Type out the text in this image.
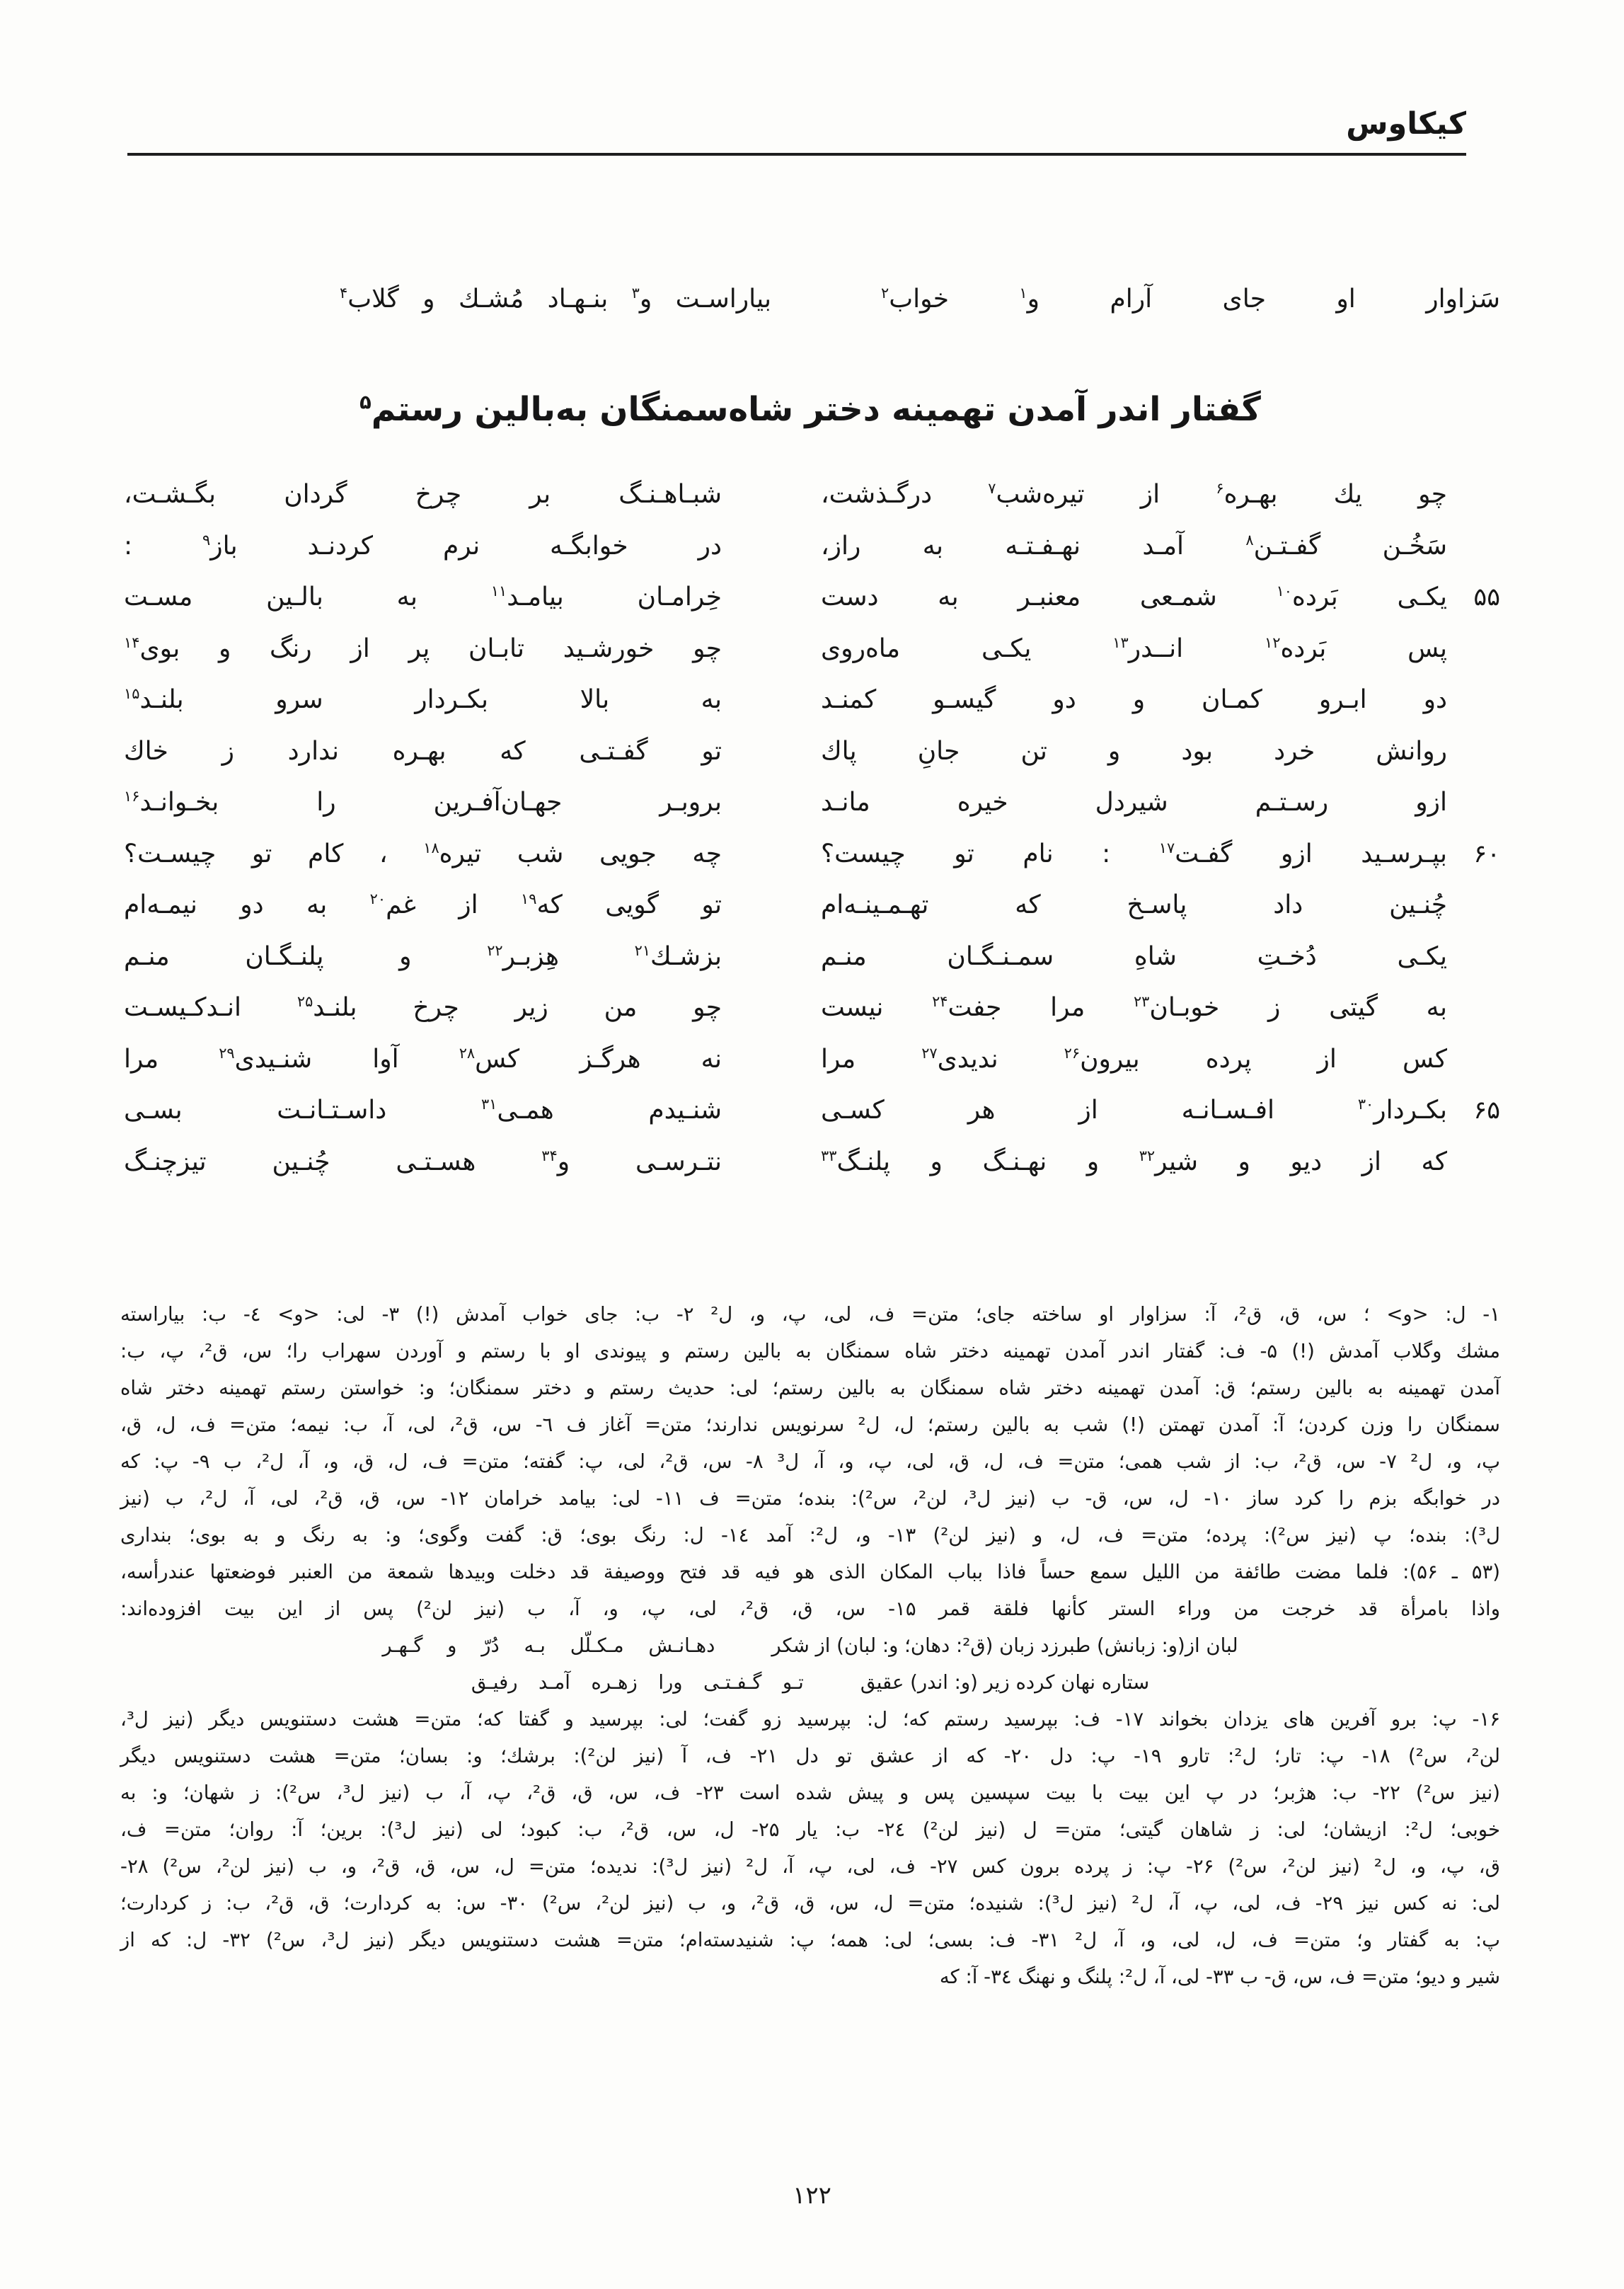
كیكاوس
سَزاوار او جای آرام و$^۱$ خواب$^۲$
بیاراسـت و$^۳$ بنـهـاد مُشـك و گلاب$^۴$
گفتار اندر آمدن تهمینه دختر شاه‌سمنگان به‌بالین رستم$^۵$
چو یك بهـره$^۶$ از تیره‌شب$^۷$ درگـذشت،
شبـاهـنـگ بر چرخ گردان بگـشـت،
سَخُـن گفـتـن$^۸$ آمـد نهـفـتـه به راز،
در خوابگـه نرم كردنـد باز$^۹$ :
۵۵
یكـی بَرده$^{۱۰}$ شمـعی معنبـر به دست
خِرامـان بیامـد$^{۱۱}$ به بالـین مسـت
پس بَرده$^{۱۲}$ انــدر$^{۱۳}$ یكـی ماه‌روی
چو خورشـید تابـان پر از رنگ و بوی$^{۱۴}$
دو ابـرو كمـان و دو گیسـو كمنـد
به بالا بكـردار سرو بلنـد$^{۱۵}$
روانش خرد بود و تن جانِ پاك
تو گفـتـی كه بهـره ندارد ز خاك
ازو رسـتـم شیردل خیره مانـد
بروبـر جهـان‌آفـرین را بخـوانـد$^{۱۶}$
۶۰
بپـرسـید ازو گفـت$^{۱۷}$ : نام تو چیست؟
چه جویی شب تیره$^{۱۸}$ ، كام تو چیسـت؟
چُنـین داد پاسـخ كه تهـمـینـه‌ام
تو گویی كه$^{۱۹}$ از غم$^{۲۰}$ به دو نیمـه‌ام
یكـی دُخـتِ شاهِ سمـنـگـان منـم
بزشـك$^{۲۱}$ هِزبـر$^{۲۲}$ و پلنـگـان منـم
به گیتی ز خوبـان$^{۲۳}$ مرا جفت$^{۲۴}$ نیست
چو من زیر چرخ بلنـد$^{۲۵}$ انـدكـیسـت
كس از پرده بیرون$^{۲۶}$ ندیدی$^{۲۷}$ مرا
نه هرگـز كس$^{۲۸}$ آوا شنـیدی$^{۲۹}$ مرا
۶۵
بكـردار$^{۳۰}$ افـسـانـه از هر كسـی
شنـیدم همـی$^{۳۱}$ داسـتـانـت بسـی
كه از دیو و شیر$^{۳۲}$ و نهـنـگ و پلنـگ$^{۳۳}$
نتـرسـی و$^{۳۴}$ هسـتـی چُنـین تیزچنـگ
۱- ل: <و> ؛ س، ق، ق²، آ: سزاوار او ساخته جای؛ متن= ف، لی، پ، و، ل² ۲- ب: جای خواب آمدش (!) ۳- لی: <و> ٤- ب: بیاراسته
مشك وگلاب آمدش (!) ۵- ف: گفتار اندر آمدن تهمینه دختر شاه سمنگان به بالین رستم و پیوندی او با رستم و آوردن سهراب را؛ س، ق²، پ، ب:
آمدن تهمینه به بالین رستم؛ ق: آمدن تهمینه دختر شاه سمنگان به بالین رستم؛ لی: حدیث رستم و دختر سمنگان؛ و: خواستن رستم تهمینه دختر شاه
سمنگان را وزن كردن؛ آ: آمدن تهمتن (!) شب به بالین رستم؛ ل، ل² سرنویس ندارند؛ متن= آغاز ف ٦- س، ق²، لی، آ، ب: نیمه؛ متن= ف، ل، ق،
پ، و، ل² ۷- س، ق²، ب: از شب همی؛ متن= ف، ل، ق، لی، پ، و، آ، ل³ ۸- س، ق²، لی، پ: گفته؛ متن= ف، ل، ق، و، آ، ل²، ب ۹- پ: كه
در خوابگه بزم را كرد ساز ۱۰- ل، س، ق- ب (نیز ل³، لن²، س²): بنده؛ متن= ف ۱۱- لی: بیامد خرامان ۱۲- س، ق، ق²، لی، آ، ل²، ب (نیز
ل³): بنده؛ پ (نیز س²): پرده؛ متن= ف، ل، و (نیز لن²) ۱۳- و، ل²: آمد ۱٤- ل: رنگ بوی؛ ق: گفت وگوی؛ و: به رنگ و به بوی؛ بنداری
(۵۳ ـ ۵۶): فلما مضت طائفة من اللیل سمع حساً فاذا بباب المكان الذی هو فیه قد فتح ووصیفة قد دخلت وبیدها شمعة من العنبر فوضعتها عندرأسه،
واذا بامرأة قد خرجت من وراء الستر كأنها فلقة قمر ۱۵- س، ق، ق²، لی، پ، و، آ، ب (نیز لن²) پس از این بیت افزوده‌اند:
لبان از(و: زبانش) طبرزد زبان (ق²: دهان؛ و: لبان) از شكر
دهـانـش مـكـلّل بـه دُرّ و گـهـر
ستاره نهان كرده زیر (و: اندر) عقیق
تـو گـفـتـی ورا زهـره آمـد رفیـق
۱۶- پ: برو آفرین های یزدان بخواند ۱۷- ف: بپرسید رستم كه؛ ل: بپرسید زو گفت؛ لی: بپرسید و گفتا كه؛ متن= هشت دستنویس دیگر (نیز ل³،
لن²، س²) ۱۸- پ: تار؛ ل²: تارو ۱۹- پ: دل ۲۰- كه از عشق تو دل ۲۱- ف، آ (نیز لن²): برشك؛ و: بسان؛ متن= هشت دستنویس دیگر
(نیز س²) ۲۲- ب: هژبر؛ در پ این بیت با بیت سپسین پس و پیش شده است ۲۳- ف، س، ق، ق²، پ، آ، ب (نیز ل³، س²): ز شهان؛ و: به
خوبی؛ ل²: ازیشان؛ لی: ز شاهان گیتی؛ متن= ل (نیز لن²) ۲٤- ب: یار ۲۵- ل، س، ق²، ب: كبود؛ لی (نیز ل³): برین؛ آ: روان؛ متن= ف،
ق، پ، و، ل² (نیز لن²، س²) ۲۶- پ: ز پرده برون كس ۲۷- ف، لی، پ، آ، ل² (نیز ل³): ندیده؛ متن= ل، س، ق، ق²، و، ب (نیز لن²، س²) ۲۸-
لی: نه كس نیز ۲۹- ف، لی، پ، آ، ل² (نیز ل³): شنیده؛ متن= ل، س، ق، ق²، و، ب (نیز لن²، س²) ۳۰- س: به كردارت؛ ق، ق²، ب: ز كردارت؛
پ: به گفتار و؛ متن= ف، ل، لی، و، آ، ل² ۳۱- ف: بسی؛ لی: همه؛ پ: شنیدسته‌ام؛ متن= هشت دستنویس دیگر (نیز ل³، س²) ۳۲- ل: كه از
شیر و دیو؛ متن= ف، س، ق- ب ۳۳- لی، آ، ل²: پلنگ و نهنگ ۳٤- آ: كه
۱۲۲
